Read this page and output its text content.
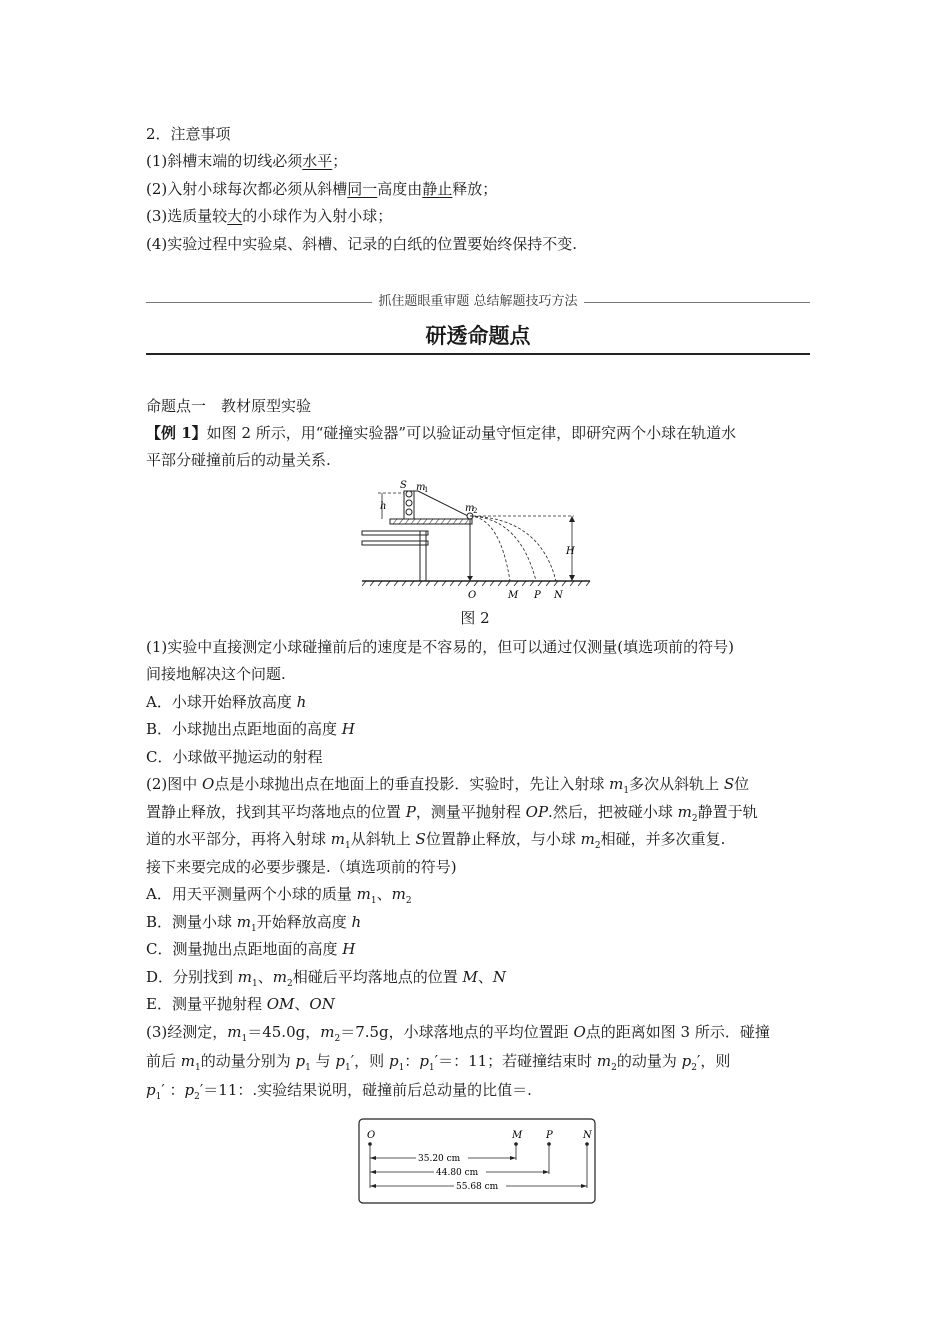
2．注意事项
(1)斜槽末端的切线必须水平；
(2)入射小球每次都必须从斜槽同一高度由静止释放；
(3)选质量较大的小球作为入射小球；
(4)实验过程中实验桌、斜槽、记录的白纸的位置要始终保持不变.
抓住题眼重审题 总结解题技巧方法
研透命题点
命题点一　教材原型实验
【例 1】如图 2 所示，用“碰撞实验器”可以验证动量守恒定律，即研究两个小球在轨道水
平部分碰撞前后的动量关系.
S m
1
m
2
h
H
O	M P N
图 2
(1)实验中直接测定小球碰撞前后的速度是不容易的，但可以通过仅测量(填选项前的符号)
间接地解决这个问题.
A．小球开始释放高度 h
B．小球抛出点距地面的高度 H
C．小球做平抛运动的射程
(2)图中 O点是小球抛出点在地面上的垂直投影．实验时，先让入射球 $m_1$多次从斜轨上 S位
置静止释放，找到其平均落地点的位置 P，测量平抛射程 OP.然后，把被碰小球 $m_2$静置于轨
道的水平部分，再将入射球 $m_1$从斜轨上 S位置静止释放，与小球 $m_2$相碰，并多次重复.
接下来要完成的必要步骤是.（填选项前的符号)
A．用天平测量两个小球的质量 $m_1$、$m_2$
B．测量小球 $m_1$开始释放高度 h
C．测量抛出点距地面的高度 H
D．分别找到 $m_1$、$m_2$相碰后平均落地点的位置 M、N
E．测量平抛射程 OM、ON
(3)经测定，$m_1=45.0g$，$m_2=7.5g$，小球落地点的平均位置距 O点的距离如图 3 所示．碰撞
前后 $m_1$的动量分别为 $p_1$ 与 $p_1'$，则 $p_1$：$p_1'=$：11；若碰撞结束时 $m_2$的动量为 $p_2'$，则
$p_1'$ ：$p_2'=11$：.实验结果说明，碰撞前后总动量的比值＝.
O	M P	N
35.20 cm
44.80 cm
55.68 cm
